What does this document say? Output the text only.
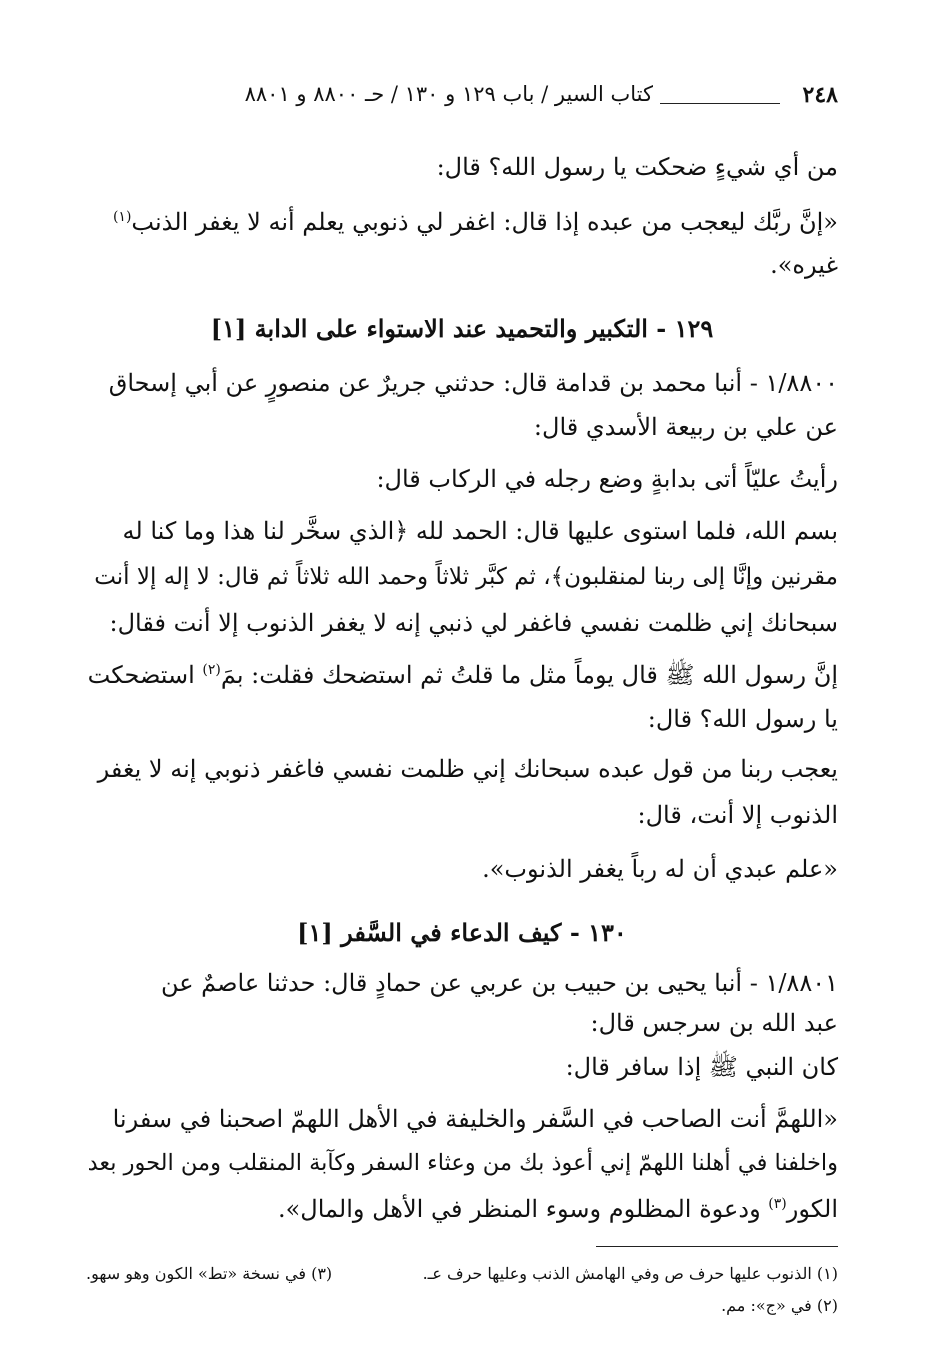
٢٤٨
كتاب السير / باب ١٢٩ و ١٣٠ / حـ ٨٨٠٠ و ٨٨٠١
من أي شيءٍ ضحكت يا رسول الله؟ قال:
«إنَّ ربَّك ليعجب من عبده إذا قال: اغفر لي ذنوبي يعلم أنه لا يغفر الذنب$^{(١)}$
غيره».
١٢٩ - التكبير والتحميد عند الاستواء على الدابة [١]
١/٨٨٠٠ - أنبا محمد بن قدامة قال: حدثني جريرٌ عن منصورٍ عن أبي إسحاق
عن علي بن ربيعة الأسدي قال:
رأيتُ عليّاً أتى بدابةٍ وضع رجله في الركاب قال:
بسم الله، فلما استوى عليها قال: الحمد لله ﴿الذي سخَّر لنا هذا وما كنا له
مقرنين وإنَّا إلى ربنا لمنقلبون﴾، ثم كبَّر ثلاثاً وحمد الله ثلاثاً ثم قال: لا إله إلا أنت
سبحانك إني ظلمت نفسي فاغفر لي ذنبي إنه لا يغفر الذنوب إلا أنت فقال:
إنَّ رسول الله ﷺ قال يوماً مثل ما قلتُ ثم استضحك فقلت: بمَ$^{(٢)}$ استضحكت
يا رسول الله؟ قال:
يعجب ربنا من قول عبده سبحانك إني ظلمت نفسي فاغفر ذنوبي إنه لا يغفر
الذنوب إلا أنت، قال:
«علم عبدي أن له رباً يغفر الذنوب».
١٣٠ - كيف الدعاء في السَّفر [١]
١/٨٨٠١ - أنبا يحيى بن حبيب بن عربي عن حمادٍ قال: حدثنا عاصمٌ عن
عبد الله بن سرجس قال:
كان النبي ﷺ إذا سافر قال:
«اللهمَّ أنت الصاحب في السَّفر والخليفة في الأهل اللهمّ اصحبنا في سفرنا
واخلفنا في أهلنا اللهمّ إني أعوذ بك من وعثاء السفر وكآبة المنقلب ومن الحور بعد
الكور$^{(٣)}$ ودعوة المظلوم وسوء المنظر في الأهل والمال».
(١) الذنوب عليها حرف ص وفي الهامش الذنب وعليها حرف عـ.
(٣) في نسخة «تط» الكون وهو سهو.
(٢) في «ج»: مم.
